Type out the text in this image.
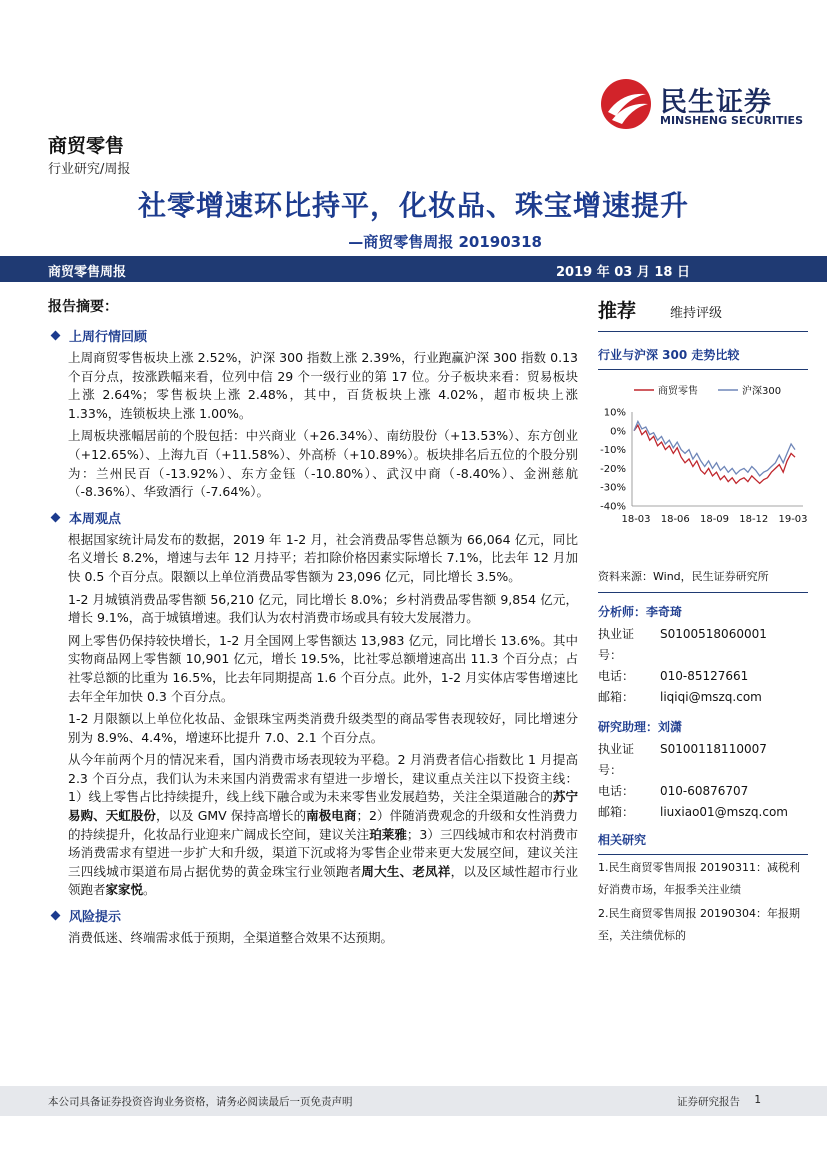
民生证券
MINSHENG SECURITIES
商贸零售
行业研究/周报
社零增速环比持平，化妆品、珠宝增速提升
—商贸零售周报 20190318
商贸零售周报	2019 年 03 月 18 日
报告摘要：
上周行情回顾

上周商贸零售板块上涨 2.52%，沪深 300 指数上涨 2.39%，行业跑赢沪深 300 指数 0.13 个百分点，按涨跌幅来看，位列中信 29 个一级行业的第 17 位。分子板块来看：贸易板块上涨 2.64%；零售板块上涨 2.48%，其中，百货板块上涨 4.02%，超市板块上涨 1.33%，连锁板块上涨 1.00%。

上周板块涨幅居前的个股包括：中兴商业（+26.34%）、南纺股份（+13.53%）、东方创业（+12.65%）、上海九百（+11.58%）、外高桥（+10.89%）。板块排名后五位的个股分别为：兰州民百（-13.92%）、东方金钰（-10.80%）、武汉中商（-8.40%）、金洲慈航（-8.36%）、华致酒行（-7.64%）。

本周观点

根据国家统计局发布的数据，2019 年 1-2 月，社会消费品零售总额为 66,064 亿元，同比名义增长 8.2%，增速与去年 12 月持平；若扣除价格因素实际增长 7.1%，比去年 12 月加快 0.5 个百分点。限额以上单位消费品零售额为 23,096 亿元，同比增长 3.5%。

1-2 月城镇消费品零售额 56,210 亿元，同比增长 8.0%；乡村消费品零售额 9,854 亿元，增长 9.1%，高于城镇增速。我们认为农村消费市场或具有较大发展潜力。

网上零售仍保持较快增长，1-2 月全国网上零售额达 13,983 亿元，同比增长 13.6%。其中实物商品网上零售额 10,901 亿元，增长 19.5%，比社零总额增速高出 11.3 个百分点；占社零总额的比重为 16.5%，比去年同期提高 1.6 个百分点。此外，1-2 月实体店零售增速比去年全年加快 0.3 个百分点。

1-2 月限额以上单位化妆品、金银珠宝两类消费升级类型的商品零售表现较好，同比增速分别为 8.9%、4.4%，增速环比提升 7.0、2.1 个百分点。

从今年前两个月的情况来看，国内消费市场表现较为平稳。2 月消费者信心指数比 1 月提高 2.3 个百分点，我们认为未来国内消费需求有望进一步增长，建议重点关注以下投资主线：1）线上零售占比持续提升，线上线下融合或为未来零售业发展趋势，关注全渠道融合的苏宁易购、天虹股份，以及 GMV 保持高增长的南极电商；2）伴随消费观念的升级和女性消费力的持续提升，化妆品行业迎来广阔成长空间，建议关注珀莱雅；3）三四线城市和农村消费市场消费需求有望进一步扩大和升级，渠道下沉或将为零售企业带来更大发展空间，建议关注三四线城市渠道布局占据优势的黄金珠宝行业领跑者周大生、老凤祥，以及区域性超市行业领跑者家家悦。

风险提示

消费低迷、终端需求低于预期，全渠道整合效果不达预期。

推荐	维持评级
行业与沪深 300 走势比较
商贸零售	沪深300
10%
0%
-10%
-20%
-30%
-40%
18-03 18-06 18-09 18-12 19-03
资料来源：Wind，民生证券研究所
分析师：李奇琦
执业证号：
S0100518060001
电话：	010-85127661
邮箱：	liqiqi@mszq.com
研究助理：刘潇
执业证号：
S0100118110007
电话：	010-60876707
邮箱：	liuxiao01@mszq.com
相关研究
1.民生商贸零售周报 20190311：减税利好消费市场，年报季关注业绩
2.民生商贸零售周报 20190304：年报期至，关注绩优标的
本公司具备证券投资咨询业务资格，请务必阅读最后一页免责声明	证券研究报告 1
